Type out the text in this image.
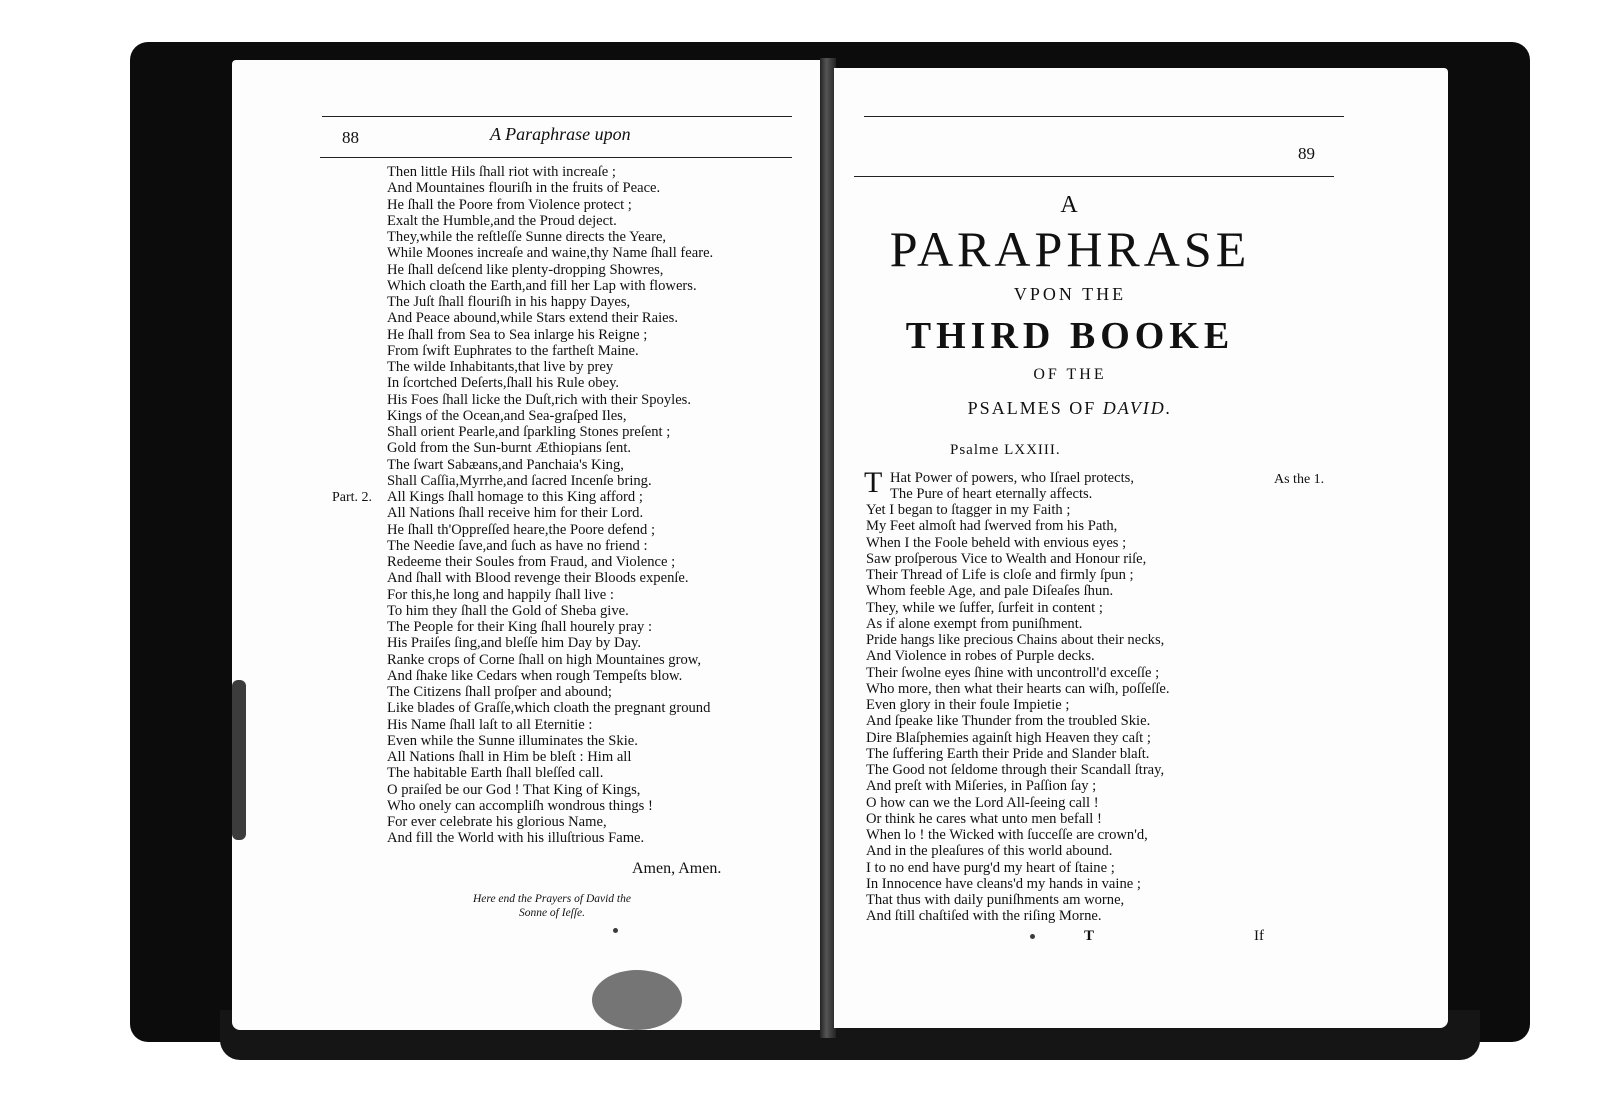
88	A Paraphrase upon
Then little Hils ſhall riot with increaſe ;
And Mountaines flouriſh in the fruits of Peace.
He ſhall the Poore from Violence protect ;
Exalt the Humble,and the Proud deject.
They,while the reſtleſſe Sunne directs the Yeare,
While Moones increaſe and waine,thy Name ſhall feare.
He ſhall deſcend like plenty-dropping Showres,
Which cloath the Earth,and fill her Lap with flowers.
The Juſt ſhall flouriſh in his happy Dayes,
And Peace abound,while Stars extend their Raies.
He ſhall from Sea to Sea inlarge his Reigne ;
From ſwift Euphrates to the fartheſt Maine.
The wilde Inhabitants,that live by prey
In ſcortched Deſerts,ſhall his Rule obey.
His Foes ſhall licke the Duſt,rich with their Spoyles.
Kings of the Ocean,and Sea-graſped Iles,
Shall orient Pearle,and ſparkling Stones preſent ;
Gold from the Sun-burnt Æthiopians ſent.
The ſwart Sabæans,and Panchaia's King,
Shall Caſſia,Myrrhe,and ſacred Incenſe bring.
All Kings ſhall homage to this King afford ;
All Nations ſhall receive him for their Lord.
He ſhall th'Oppreſſed heare,the Poore defend ;
The Needie ſave,and ſuch as have no friend :
Redeeme their Soules from Fraud, and Violence ;
And ſhall with Blood revenge their Bloods expenſe.
For this,he long and happily ſhall live :
To him they ſhall the Gold of Sheba give.
The People for their King ſhall hourely pray :
His Praiſes ſing,and bleſſe him Day by Day.
Ranke crops of Corne ſhall on high Mountaines grow,
And ſhake like Cedars when rough Tempeſts blow.
The Citizens ſhall proſper and abound;
Like blades of Graſſe,which cloath the pregnant ground
His Name ſhall laſt to all Eternitie :
Even while the Sunne illuminates the Skie.
All Nations ſhall in Him be bleſt : Him all
The habitable Earth ſhall bleſſed call.
O praiſed be our God ! That King of Kings,
Who onely can accompliſh wondrous things !
For ever celebrate his glorious Name,
And fill the World with his illuſtrious Fame.
Part. 2.
Amen, Amen.
Here end the Prayers of David the
Sonne of Ieſſe.
89
A
PARAPHRASE
VPON THE
THIRD BOOKE
OF THE
PSALMES OF DAVID.
Psalme LXXIII.
As the 1.
T Hat Power of powers, who Iſrael protects,
The Pure of heart eternally affects.
Yet I began to ſtagger in my Faith ;
My Feet almoſt had ſwerved from his Path,
When I the Foole beheld with envious eyes ;
Saw proſperous Vice to Wealth and Honour riſe,
Their Thread of Life is cloſe and firmly ſpun ;
Whom feeble Age, and pale Diſeaſes ſhun.
They, while we ſuffer, ſurfeit in content ;
As if alone exempt from puniſhment.
Pride hangs like precious Chains about their necks,
And Violence in robes of Purple decks.
Their ſwolne eyes ſhine with uncontroll'd exceſſe ;
Who more, then what their hearts can wiſh, poſſeſſe.
Even glory in their foule Impietie ;
And ſpeake like Thunder from the troubled Skie.
Dire Blaſphemies againſt high Heaven they caſt ;
The ſuffering Earth their Pride and Slander blaſt.
The Good not ſeldome through their Scandall ſtray,
And preſt with Miſeries, in Paſſion ſay ;
O how can we the Lord All-ſeeing call !
Or think he cares what unto men befall !
When lo ! the Wicked with ſucceſſe are crown'd,
And in the pleaſures of this world abound.
I to no end have purg'd my heart of ſtaine ;
In Innocence have cleans'd my hands in vaine ;
That thus with daily puniſhments am worne,
And ſtill chaſtiſed with the riſing Morne.
T	If
